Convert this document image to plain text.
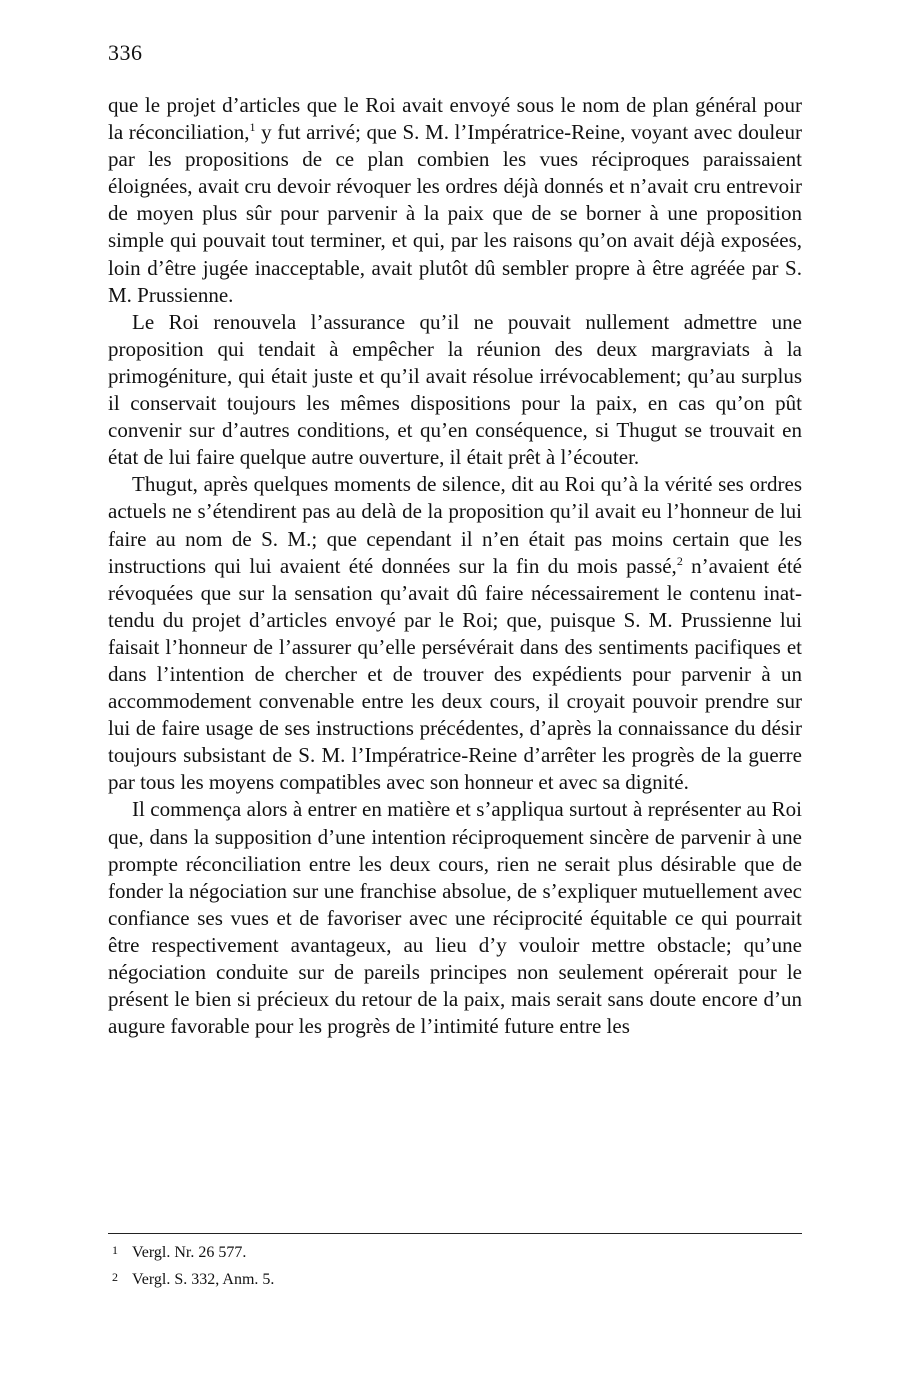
336

que le projet d’articles que le Roi avait envoyé sous le nom de plan général pour la réconciliation,$^1$ y fut arrivé; que S. M. l’Impératrice-Reine, voyant avec douleur par les propositions de ce plan combien les vues réciproques paraissaient éloignées, avait cru devoir révoquer les ordres déjà donnés et n’avait cru entrevoir de moyen plus sûr pour parvenir à la paix que de se borner à une proposition simple qui pouvait tout terminer, et qui, par les raisons qu’on avait déjà exposées, loin d’être jugée inacceptable, avait plutôt dû sembler propre à être agréée par S. M. Prussienne.

Le Roi renouvela l’assurance qu’il ne pouvait nullement admettre une proposition qui tendait à empêcher la réunion des deux margraviats à la primogéniture, qui était juste et qu’il avait résolue irrévocablement; qu’au surplus il conservait toujours les mêmes dispositions pour la paix, en cas qu’on pût convenir sur d’autres conditions, et qu’en conséquence, si Thugut se trouvait en état de lui faire quelque autre ouverture, il était prêt à l’écouter.

Thugut, après quelques moments de silence, dit au Roi qu’à la vérité ses ordres actuels ne s’étendirent pas au delà de la proposition qu’il avait eu l’honneur de lui faire au nom de S. M.; que cependant il n’en était pas moins certain que les instructions qui lui avaient été données sur la fin du mois passé,$^2$ n’avaient été révoquées que sur la sensation qu’avait dû faire nécessairement le contenu inattendu du projet d’articles envoyé par le Roi; que, puisque S. M. Prussienne lui faisait l’honneur de l’assurer qu’elle persévérait dans des sentiments pacifiques et dans l’intention de chercher et de trouver des expédients pour parvenir à un accommodement convenable entre les deux cours, il croyait pouvoir prendre sur lui de faire usage de ses instructions précédentes, d’après la connaissance du désir toujours subsistant de S. M. l’Impératrice-Reine d’arrêter les progrès de la guerre par tous les moyens compatibles avec son honneur et avec sa dignité.

Il commença alors à entrer en matière et s’appliqua surtout à représenter au Roi que, dans la supposition d’une intention réciproquement sincère de parvenir à une prompte réconciliation entre les deux cours, rien ne serait plus désirable que de fonder la négociation sur une franchise absolue, de s’expliquer mutuellement avec confiance ses vues et de favoriser avec une réciprocité équitable ce qui pourrait être respectivement avantageux, au lieu d’y vouloir mettre obstacle; qu’une négociation conduite sur de pareils principes non seulement opérerait pour le présent le bien si précieux du retour de la paix, mais serait sans doute encore d’un augure favorable pour les progrès de l’intimité future entre les

1 Vergl. Nr. 26 577.
2 Vergl. S. 332, Anm. 5.
